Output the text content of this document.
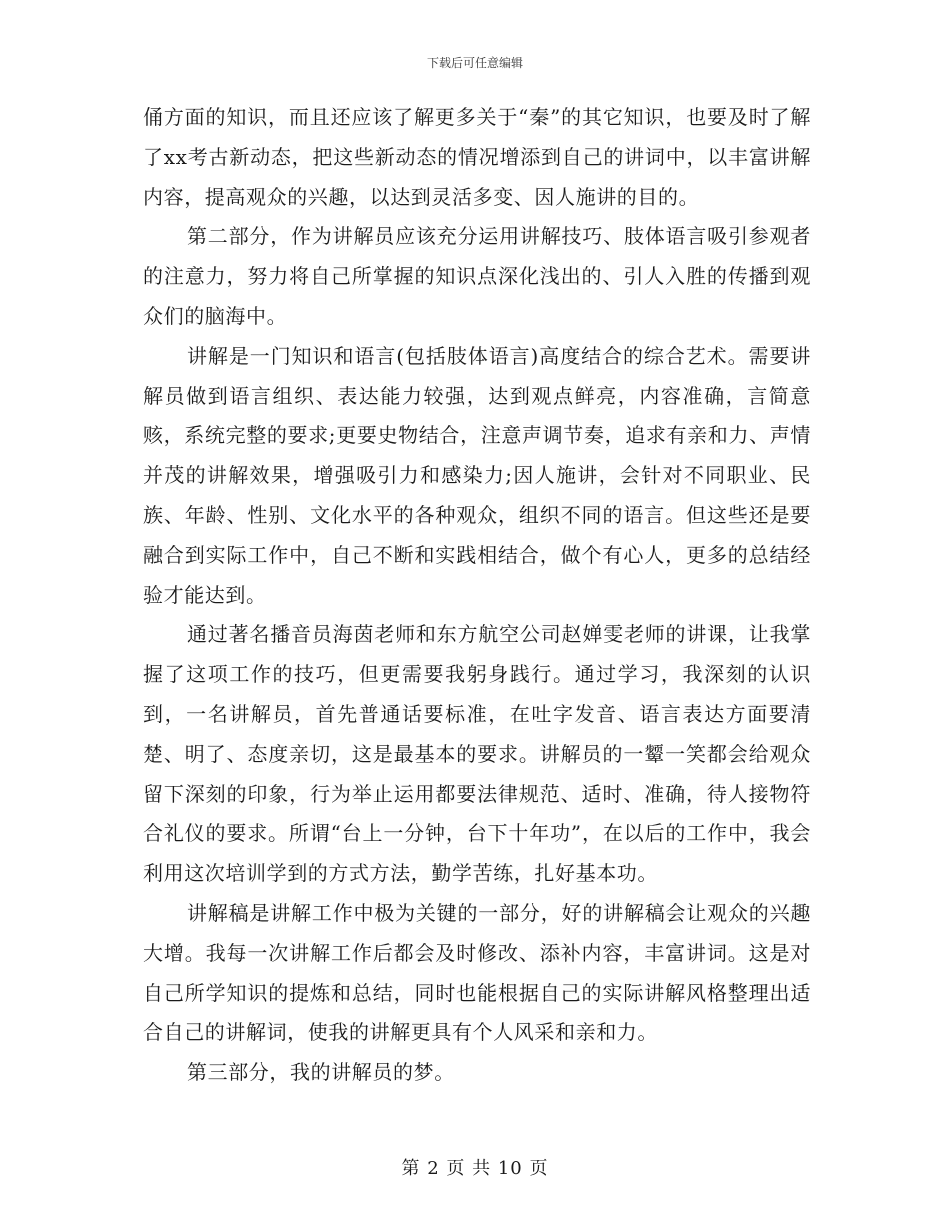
下载后可任意编辑

俑方面的知识，而且还应该了解更多关于“秦”的其它知识，也要及时了解了xx考古新动态，把这些新动态的情况增添到自己的讲词中，以丰富讲解内容，提高观众的兴趣，以达到灵活多变、因人施讲的目的。

第二部分，作为讲解员应该充分运用讲解技巧、肢体语言吸引参观者的注意力，努力将自己所掌握的知识点深化浅出的、引人入胜的传播到观众们的脑海中。

讲解是一门知识和语言(包括肢体语言)高度结合的综合艺术。需要讲解员做到语言组织、表达能力较强，达到观点鲜亮，内容准确，言简意赅，系统完整的要求;更要史物结合，注意声调节奏，追求有亲和力、声情并茂的讲解效果，增强吸引力和感染力;因人施讲，会针对不同职业、民族、年龄、性别、文化水平的各种观众，组织不同的语言。但这些还是要融合到实际工作中，自己不断和实践相结合，做个有心人，更多的总结经验才能达到。

通过著名播音员海茵老师和东方航空公司赵婵雯老师的讲课，让我掌握了这项工作的技巧，但更需要我躬身践行。通过学习，我深刻的认识到，一名讲解员，首先普通话要标准，在吐字发音、语言表达方面要清楚、明了、态度亲切，这是最基本的要求。讲解员的一颦一笑都会给观众留下深刻的印象，行为举止运用都要法律规范、适时、准确，待人接物符合礼仪的要求。所谓“台上一分钟，台下十年功”，在以后的工作中，我会利用这次培训学到的方式方法，勤学苦练，扎好基本功。

讲解稿是讲解工作中极为关键的一部分，好的讲解稿会让观众的兴趣大增。我每一次讲解工作后都会及时修改、添补内容，丰富讲词。这是对自己所学知识的提炼和总结，同时也能根据自己的实际讲解风格整理出适合自己的讲解词，使我的讲解更具有个人风采和亲和力。

第三部分，我的讲解员的梦。

第 2 页 共 10 页
